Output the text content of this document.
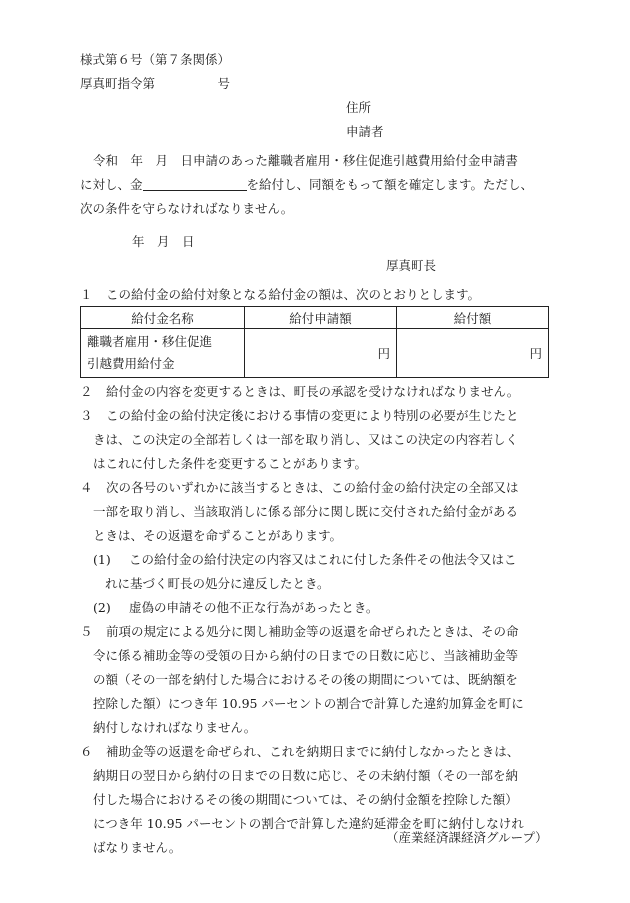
様式第６号（第７条関係）
厚真町指令第　　　　　号
住所
申請者
令和　年　月　日申請のあった離職者雇用・移住促進引越費用給付金申請書
に対し、金	を給付し、同額をもって額を確定します。ただし、
次の条件を守らなければなりません。
年　月　日
厚真町長
１ この給付金の給付対象となる給付金の額は、次のとおりとします。
給付金名称	給付申請額	給付額

離職者雇用・移住促進
引越費用給付金	円	円
２ 給付金の内容を変更するときは、町長の承認を受けなければなりません。
３ この給付金の給付決定後における事情の変更により特別の必要が生じたと
きは、この決定の全部若しくは一部を取り消し、又はこの決定の内容若しく
はこれに付した条件を変更することがあります。
４ 次の各号のいずれかに該当するときは、この給付金の給付決定の全部又は
一部を取り消し、当該取消しに係る部分に関し既に交付された給付金がある
ときは、その返還を命ずることがあります。
(1) この給付金の給付決定の内容又はこれに付した条件その他法令又はこ
れに基づく町長の処分に違反したとき。
(2) 虚偽の申請その他不正な行為があったとき。
５ 前項の規定による処分に関し補助金等の返還を命ぜられたときは、その命
令に係る補助金等の受領の日から納付の日までの日数に応じ、当該補助金等
の額（その一部を納付した場合におけるその後の期間については、既納額を
控除した額）につき年 10.95 パーセントの割合で計算した違約加算金を町に
納付しなければなりません。
６ 補助金等の返還を命ぜられ、これを納期日までに納付しなかったときは、
納期日の翌日から納付の日までの日数に応じ、その未納付額（その一部を納
付した場合におけるその後の期間については、その納付金額を控除した額）
につき年 10.95 パーセントの割合で計算した違約延滞金を町に納付しなけれ
ばなりません。
（産業経済課経済グループ）
